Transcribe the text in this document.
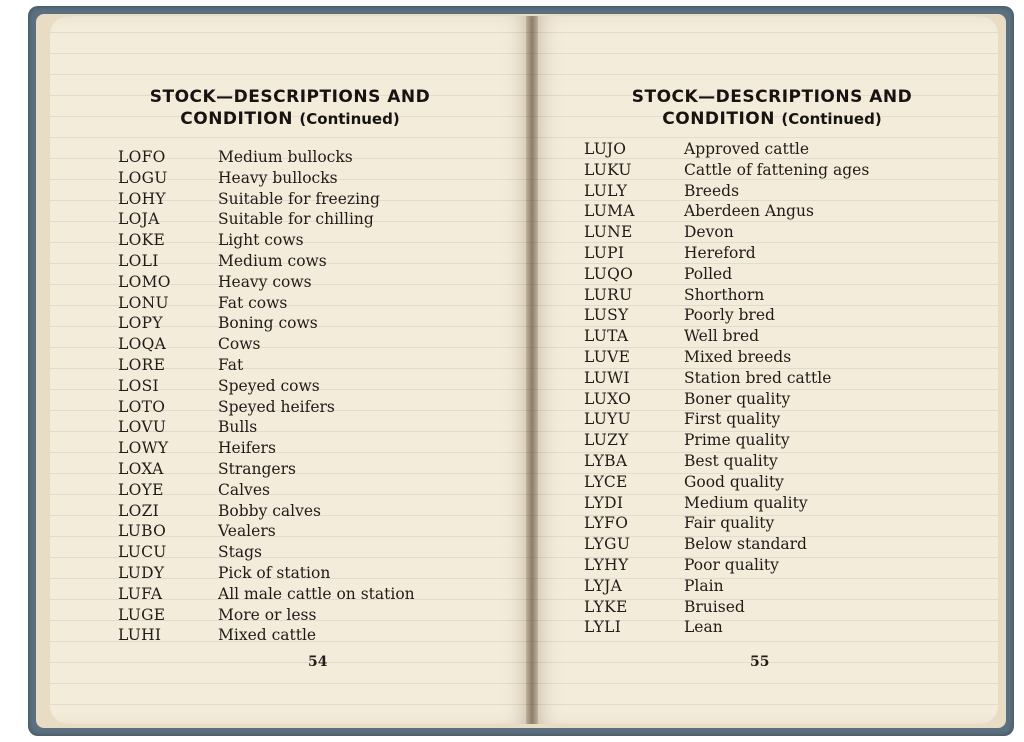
STOCK—DESCRIPTIONS AND
CONDITION (Continued)
LOFO	Medium bullocks
LOGU	Heavy bullocks
LOHY	Suitable for freezing
LOJA	Suitable for chilling
LOKE	Light cows
LOLI	Medium cows
LOMO	Heavy cows
LONU	Fat cows
LOPY	Boning cows
LOQA	Cows
LORE	Fat
LOSI	Speyed cows
LOTO	Speyed heifers
LOVU	Bulls
LOWY	Heifers
LOXA	Strangers
LOYE	Calves
LOZI	Bobby calves
LUBO	Vealers
LUCU	Stags
LUDY	Pick of station
LUFA	All male cattle on station
LUGE	More or less
LUHI	Mixed cattle
54
STOCK—DESCRIPTIONS AND
CONDITION (Continued)
LUJO	Approved cattle
LUKU	Cattle of fattening ages
LULY	Breeds
LUMA	Aberdeen Angus
LUNE	Devon
LUPI	Hereford
LUQO	Polled
LURU	Shorthorn
LUSY	Poorly bred
LUTA	Well bred
LUVE	Mixed breeds
LUWI	Station bred cattle
LUXO	Boner quality
LUYU	First quality
LUZY	Prime quality
LYBA	Best quality
LYCE	Good quality
LYDI	Medium quality
LYFO	Fair quality
LYGU	Below standard
LYHY	Poor quality
LYJA	Plain
LYKE	Bruised
LYLI	Lean
55
